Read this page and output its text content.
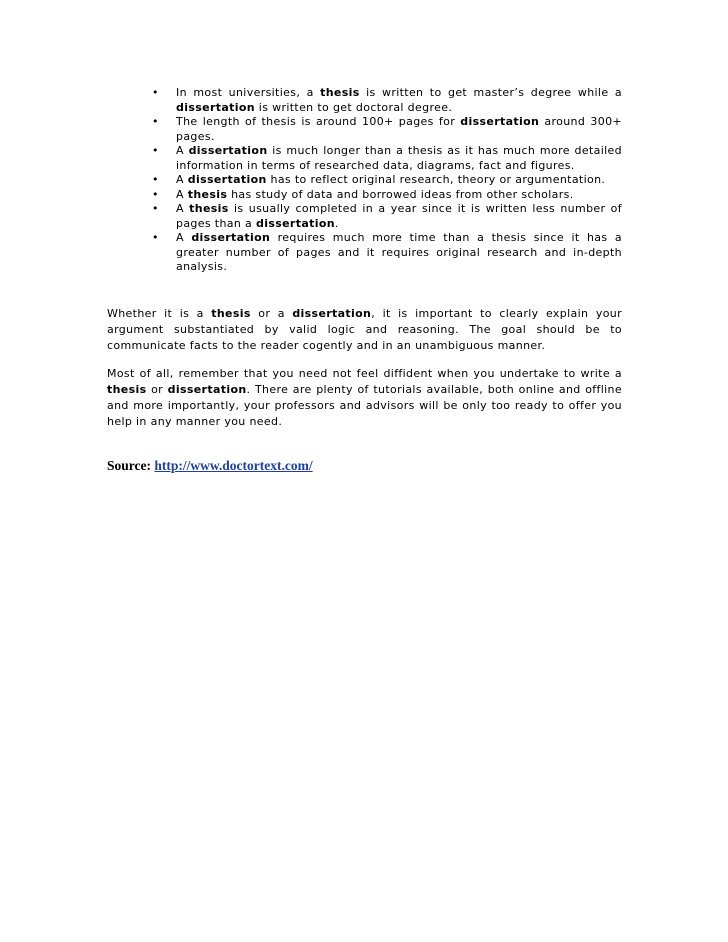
• In most universities, a thesis is written to get master’s degree while a dissertation is written to get doctoral degree.
• The length of thesis is around 100+ pages for dissertation around 300+ pages.
• A dissertation is much longer than a thesis as it has much more detailed information in terms of researched data, diagrams, fact and figures.
• A dissertation has to reflect original research, theory or argumentation.
• A thesis has study of data and borrowed ideas from other scholars.
• A thesis is usually completed in a year since it is written less number of pages than a dissertation.
• A dissertation requires much more time than a thesis since it has a greater number of pages and it requires original research and in-depth analysis.

Whether it is a thesis or a dissertation, it is important to clearly explain your argument substantiated by valid logic and reasoning. The goal should be to communicate facts to the reader cogently and in an unambiguous manner.

Most of all, remember that you need not feel diffident when you undertake to write a thesis or dissertation. There are plenty of tutorials available, both online and offline and more importantly, your professors and advisors will be only too ready to offer you help in any manner you need.

Source: http://www.doctortext.com/
